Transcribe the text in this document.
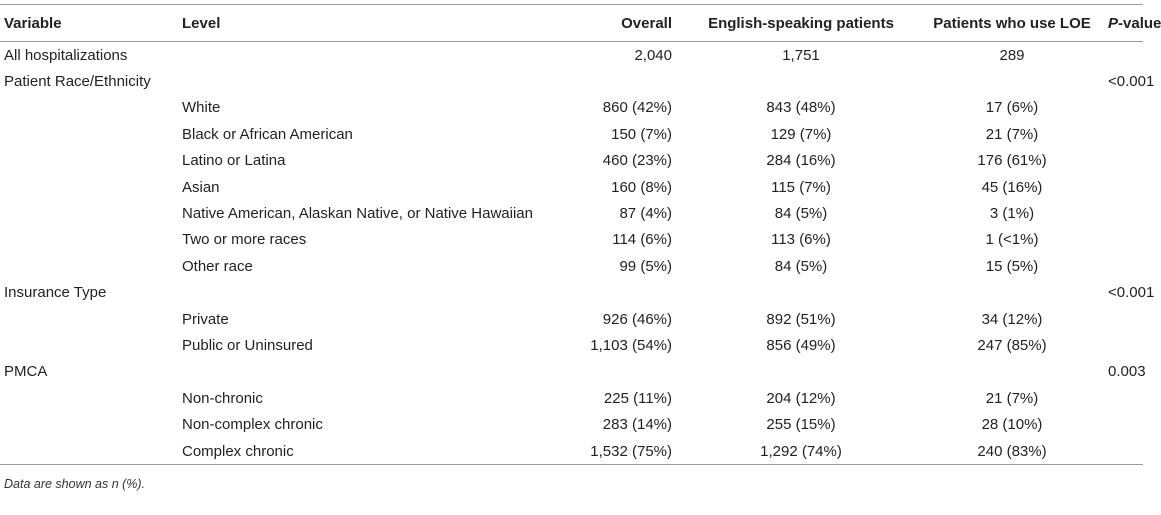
Variable	Level	Overall	English-speaking patients	Patients who use LOE	P-value
All hospitalizations		2,040	1,751	289	
Patient Race/Ethnicity					<0.001
	White	860 (42%)	843 (48%)	17 (6%)	
	Black or African American	150 (7%)	129 (7%)	21 (7%)	
	Latino or Latina	460 (23%)	284 (16%)	176 (61%)	
	Asian	160 (8%)	115 (7%)	45 (16%)	
	Native American, Alaskan Native, or Native Hawaiian	87 (4%)	84 (5%)	3 (1%)	
	Two or more races	114 (6%)	113 (6%)	1 (<1%)	
	Other race	99 (5%)	84 (5%)	15 (5%)	
Insurance Type					<0.001
	Private	926 (46%)	892 (51%)	34 (12%)	
	Public or Uninsured	1,103 (54%)	856 (49%)	247 (85%)	
PMCA					0.003
	Non-chronic	225 (11%)	204 (12%)	21 (7%)	
	Non-complex chronic	283 (14%)	255 (15%)	28 (10%)	
	Complex chronic	1,532 (75%)	1,292 (74%)	240 (83%)	
Data are shown as n (%).
